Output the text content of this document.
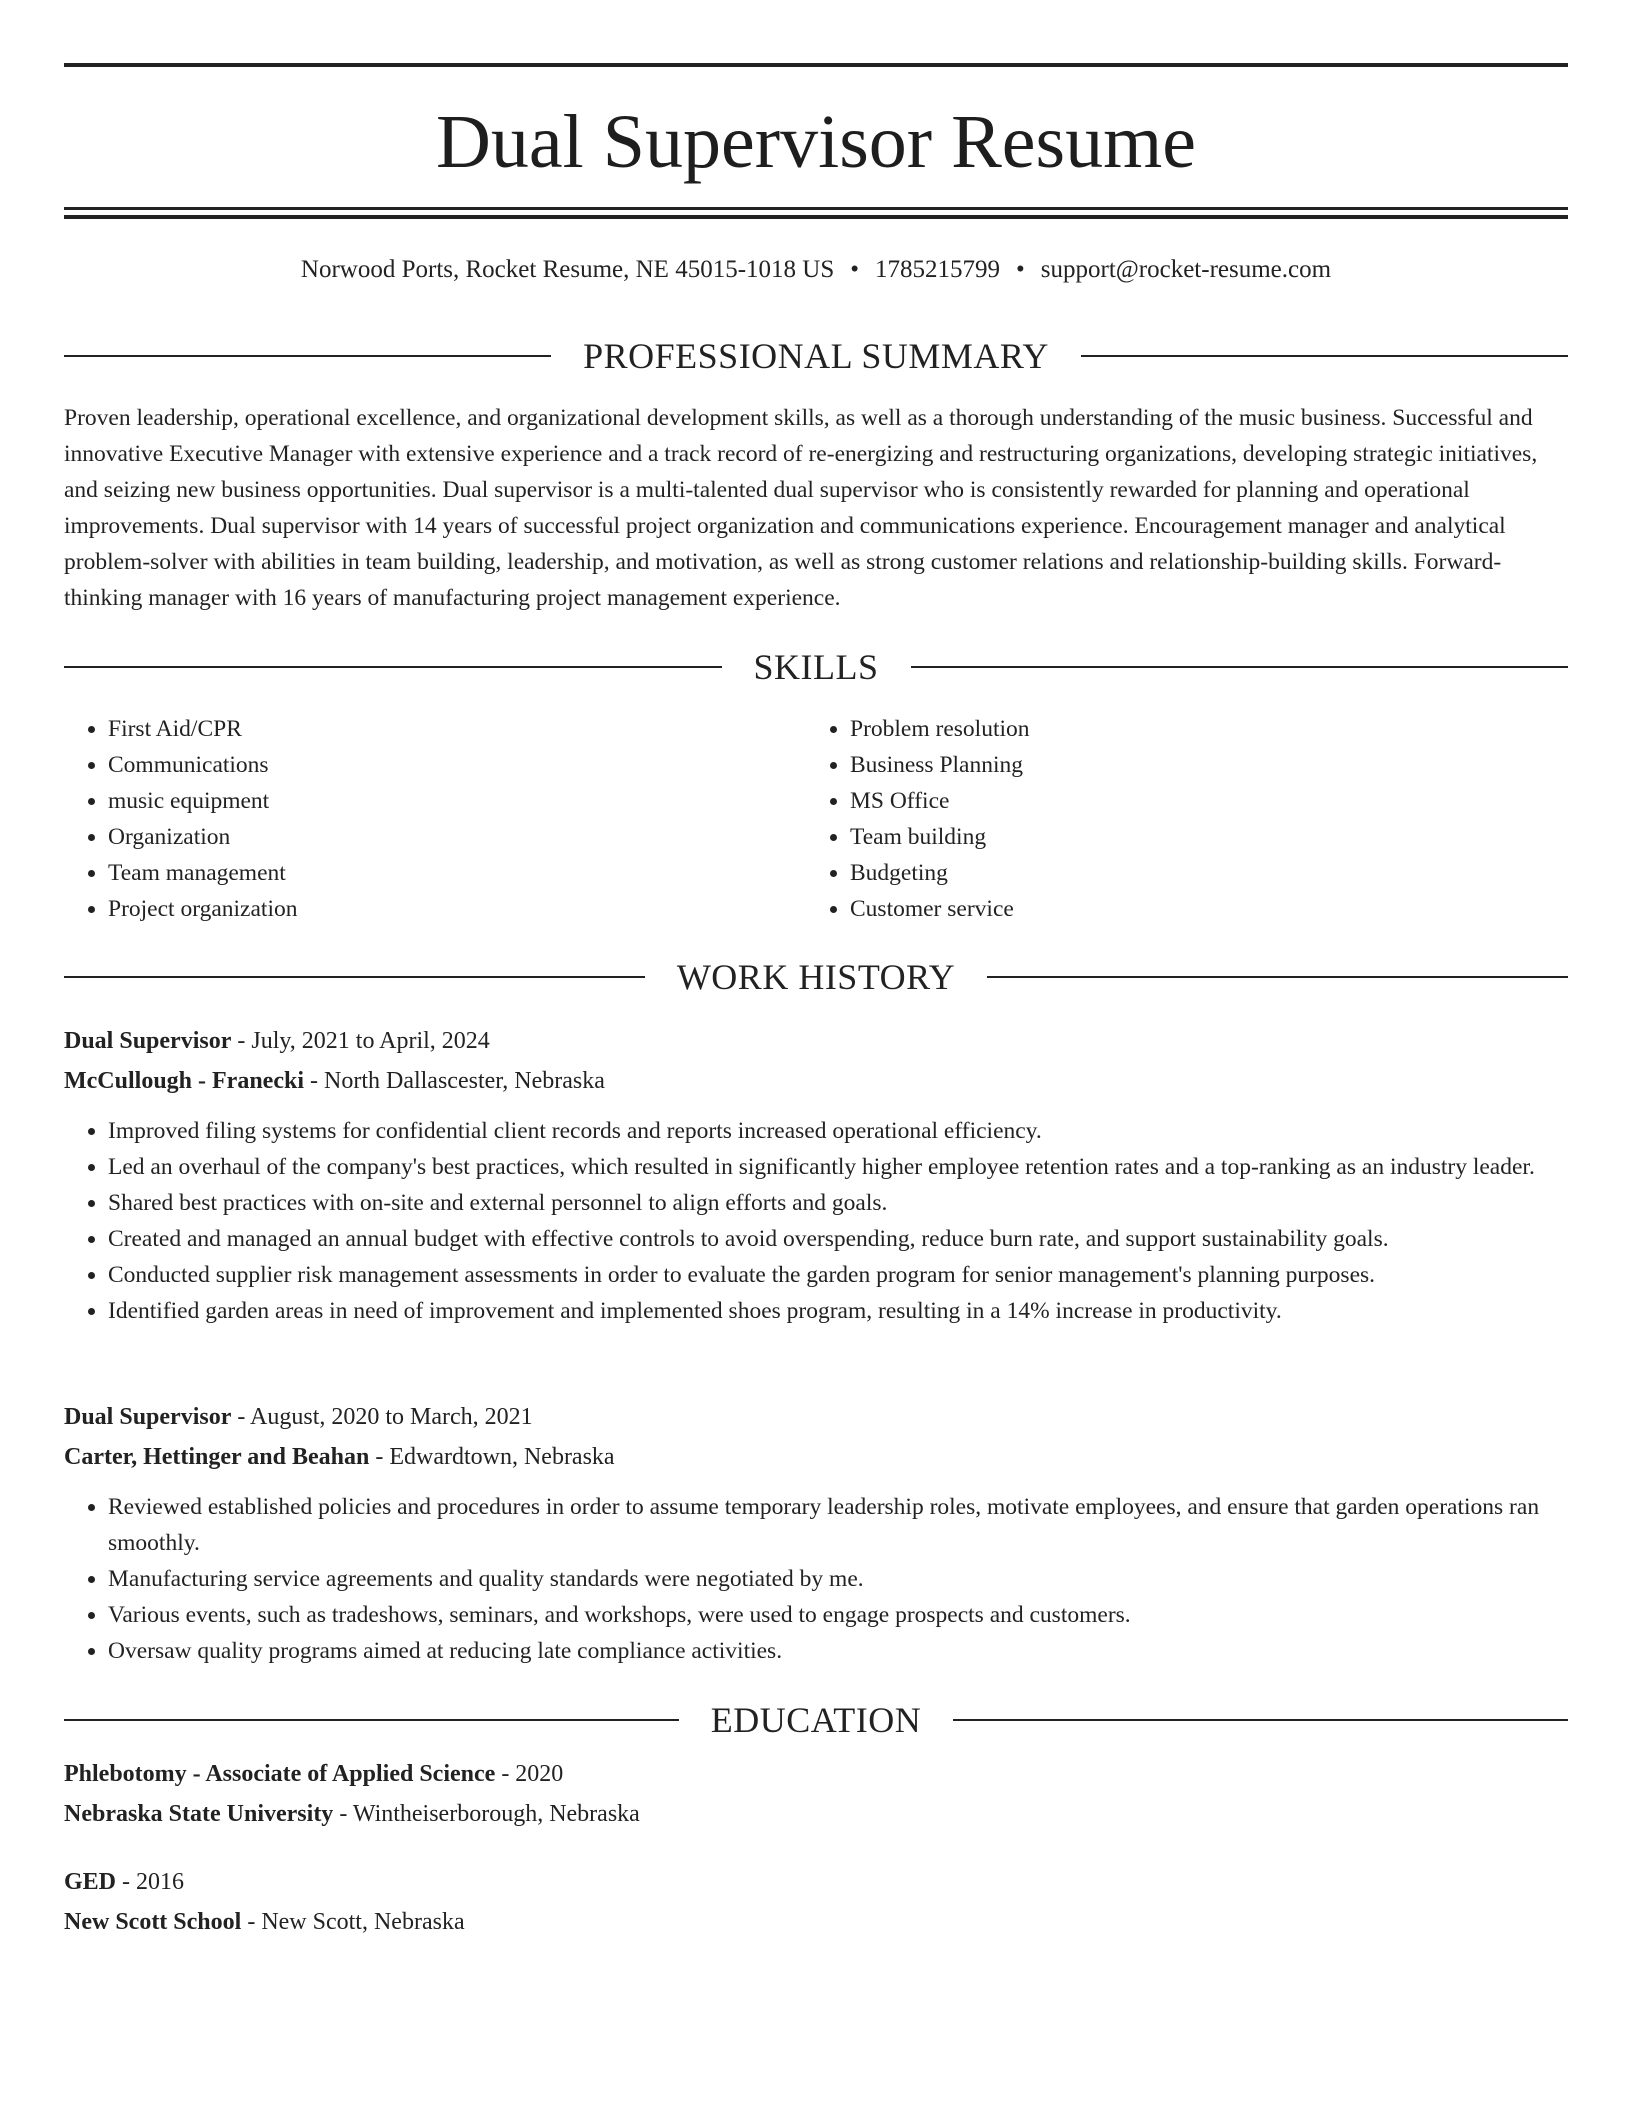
Dual Supervisor Resume
Norwood Ports, Rocket Resume, NE 45015-1018 US • 1785215799 • support@rocket-resume.com
PROFESSIONAL SUMMARY

Proven leadership, operational excellence, and organizational development skills, as well as a thorough understanding of the music business. Successful and innovative Executive Manager with extensive experience and a track record of re-energizing and restructuring organizations, developing strategic initiatives, and seizing new business opportunities. Dual supervisor is a multi-talented dual supervisor who is consistently rewarded for planning and operational improvements. Dual supervisor with 14 years of successful project organization and communications experience. Encouragement manager and analytical problem-solver with abilities in team building, leadership, and motivation, as well as strong customer relations and relationship-building skills. Forward-thinking manager with 16 years of manufacturing project management experience.

SKILLS
• First Aid/CPR
• Communications
• music equipment
• Organization
• Team management
• Project organization
• Problem resolution
• Business Planning
• MS Office
• Team building
• Budgeting
• Customer service
WORK HISTORY
Dual Supervisor - July, 2021 to April, 2024
McCullough - Franecki - North Dallascester, Nebraska
• Improved filing systems for confidential client records and reports increased operational efficiency.
• Led an overhaul of the company's best practices, which resulted in significantly higher employee retention rates and a top-ranking as an industry leader.
• Shared best practices with on-site and external personnel to align efforts and goals.
• Created and managed an annual budget with effective controls to avoid overspending, reduce burn rate, and support sustainability goals.
• Conducted supplier risk management assessments in order to evaluate the garden program for senior management's planning purposes.
• Identified garden areas in need of improvement and implemented shoes program, resulting in a 14% increase in productivity.
Dual Supervisor - August, 2020 to March, 2021
Carter, Hettinger and Beahan - Edwardtown, Nebraska
• Reviewed established policies and procedures in order to assume temporary leadership roles, motivate employees, and ensure that garden operations ran smoothly.
• Manufacturing service agreements and quality standards were negotiated by me.
• Various events, such as tradeshows, seminars, and workshops, were used to engage prospects and customers.
• Oversaw quality programs aimed at reducing late compliance activities.
EDUCATION
Phlebotomy - Associate of Applied Science - 2020
Nebraska State University - Wintheiserborough, Nebraska
GED - 2016
New Scott School - New Scott, Nebraska
